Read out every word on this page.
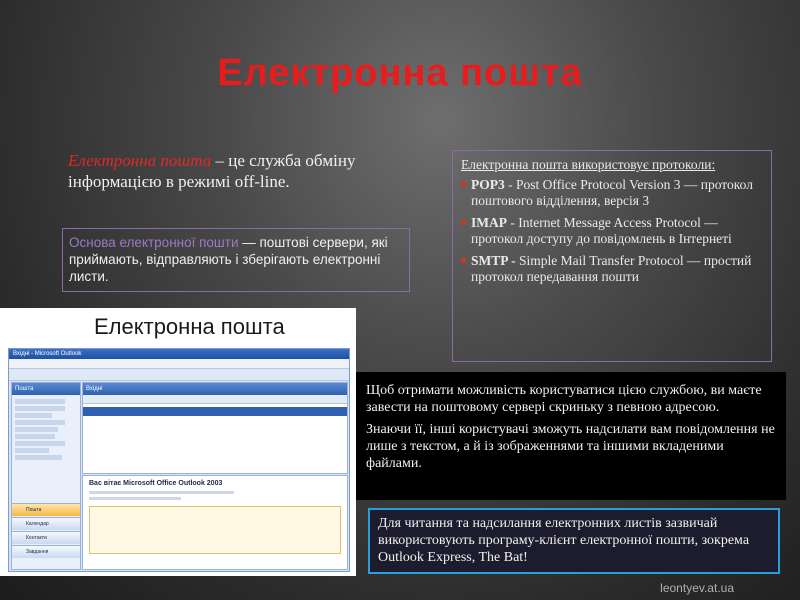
Електронна пошта
Електронна пошта – це служба обміну інформацією в режимі off-line.
Основа електронної пошти — поштові сервери, які приймають, відправляють і зберігають електронні листи.
Електронна пошта використовує протоколи:
POP3 - Post Office Protocol Version 3 — протокол поштового відділення, версія 3
IMAP - Internet Message Access Protocol — протокол доступу до повідомлень в Інтернеті
SMTP - Simple Mail Transfer Protocol — простий протокол передавання пошти
Електронна пошта
Вхідні - Microsoft Outlook
Пошта
Пошта
Календар
Контакти
Завдання
Вхідні
Вас вітає Microsoft Office Outlook 2003

Щоб отримати можливість користуватися цією службою, ви маєте завести на поштовому сервері скриньку з певною адресою.

Знаючи її, інші користувачі зможуть надсилати вам повідомлення не лише з текстом, а й із зображеннями та іншими вкладеними файлами.

Для читання та надсилання електронних листів зазвичай використовують програму-клієнт електронної пошти, зокрема Outlook Express, The Bat!
leontyev.at.ua
